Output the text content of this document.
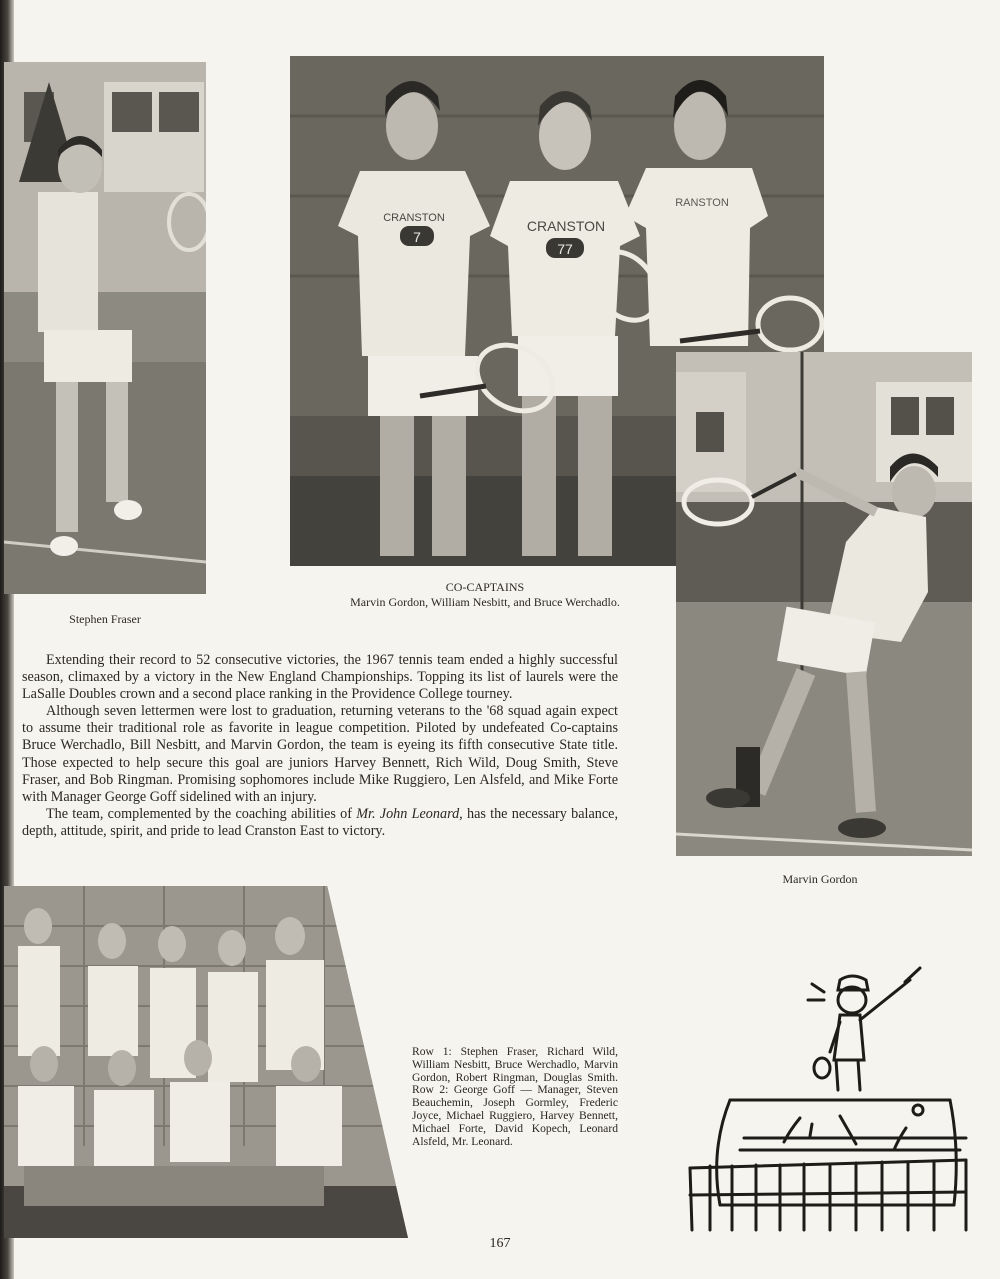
Stephen Fraser
CRANSTON
7
CRANSTON
77
RANSTON
CO-CAPTAINS
Marvin Gordon, William Nesbitt, and Bruce Werchadlo.
Marvin Gordon

Extending their record to 52 consecutive victories, the 1967 tennis team ended a highly successful season, climaxed by a victory in the New England Championships. Topping its list of laurels were the LaSalle Doubles crown and a second place ranking in the Providence College tourney.

Although seven lettermen were lost to graduation, returning veterans to the '68 squad again expect to assume their traditional role as favorite in league competition. Piloted by undefeated Co-captains Bruce Werchadlo, Bill Nesbitt, and Marvin Gordon, the team is eyeing its fifth consecutive State title. Those expected to help secure this goal are juniors Harvey Bennett, Rich Wild, Doug Smith, Steve Fraser, and Bob Ringman. Promising sophomores include Mike Ruggiero, Len Alsfeld, and Mike Forte with Manager George Goff sidelined with an injury.

The team, complemented by the coaching abilities of Mr. John Leonard, has the necessary balance, depth, attitude, spirit, and pride to lead Cranston East to victory.

Row 1: Stephen Fraser, Richard Wild, William Nesbitt, Bruce Werchadlo, Marvin Gordon, Robert Ringman, Douglas Smith. Row 2: George Goff — Manager, Steven Beauchemin, Joseph Gormley, Frederic Joyce, Michael Ruggiero, Harvey Bennett, Michael Forte, David Kopech, Leonard Alsfeld, Mr. Leonard.
167
